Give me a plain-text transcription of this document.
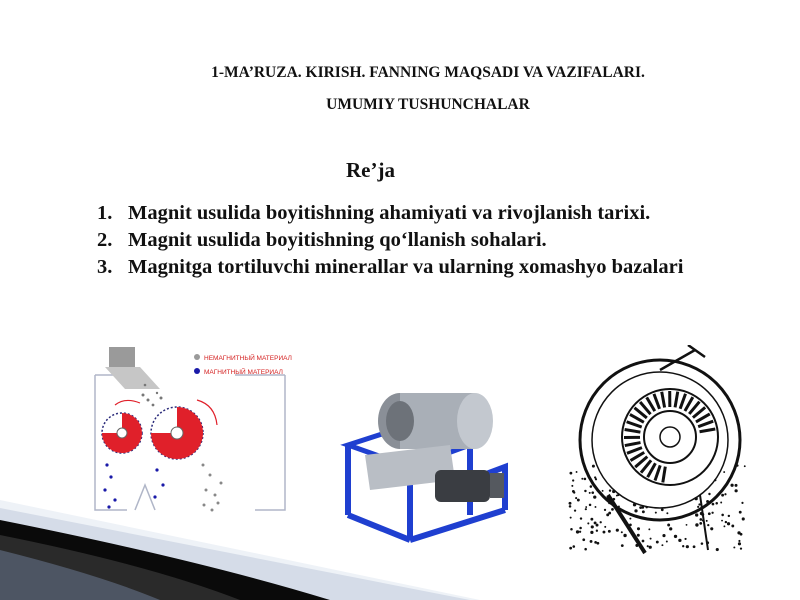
1-MA’RUZA. KIRISH. FANNING MAQSADI VA VAZIFALARI.
UMUMIY TUSHUNCHALAR
Re’ja
1. Magnit usulida boyitishning ahamiyati va rivojlanish tarixi.
2. Magnit usulida boyitishning qo‘llanish sohalari.
3. Magnitga tortiluvchi minerallar va ularning xomashyo bazalari
НЕМАГНИТНЫЙ МАТЕРИАЛ
МАГНИТНЫЙ МАТЕРИАЛ
